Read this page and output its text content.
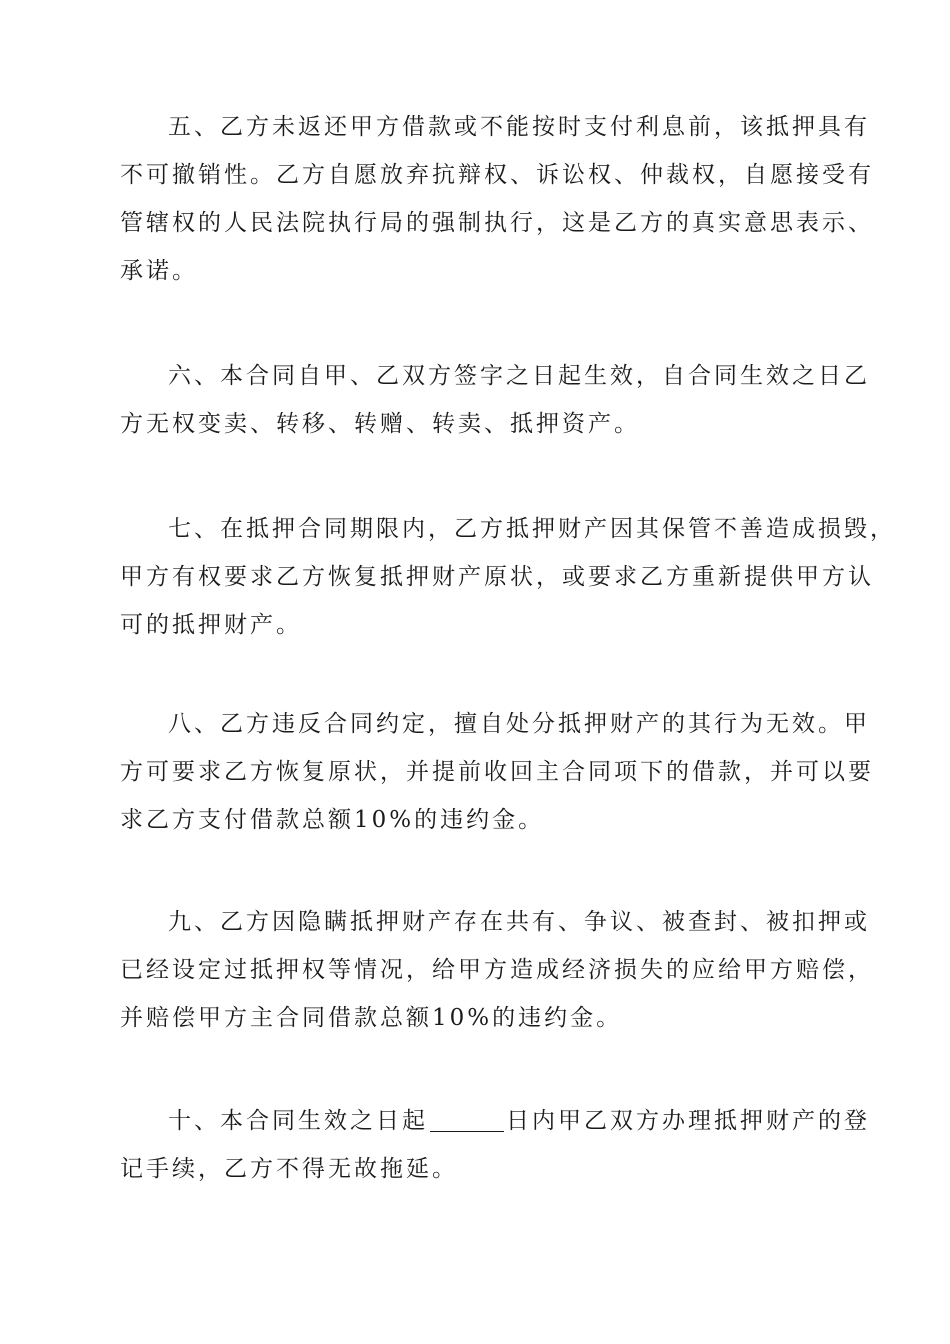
五、乙方未返还甲方借款或不能按时支付利息前，该抵押具有
不可撤销性。乙方自愿放弃抗辩权、诉讼权、仲裁权，自愿接受有
管辖权的人民法院执行局的强制执行，这是乙方的真实意思表示、
承诺。

六、本合同自甲、乙双方签字之日起生效，自合同生效之日乙
方无权变卖、转移、转赠、转卖、抵押资产。

七、在抵押合同期限内，乙方抵押财产因其保管不善造成损毁，
甲方有权要求乙方恢复抵押财产原状，或要求乙方重新提供甲方认
可的抵押财产。

八、乙方违反合同约定，擅自处分抵押财产的其行为无效。甲
方可要求乙方恢复原状，并提前收回主合同项下的借款，并可以要
求乙方支付借款总额10%的违约金。

九、乙方因隐瞒抵押财产存在共有、争议、被查封、被扣押或
已经设定过抵押权等情况，给甲方造成经济损失的应给甲方赔偿，
并赔偿甲方主合同借款总额10%的违约金。

十、本合同生效之日起	日内甲乙双方办理抵押财产的登
记手续，乙方不得无故拖延。
